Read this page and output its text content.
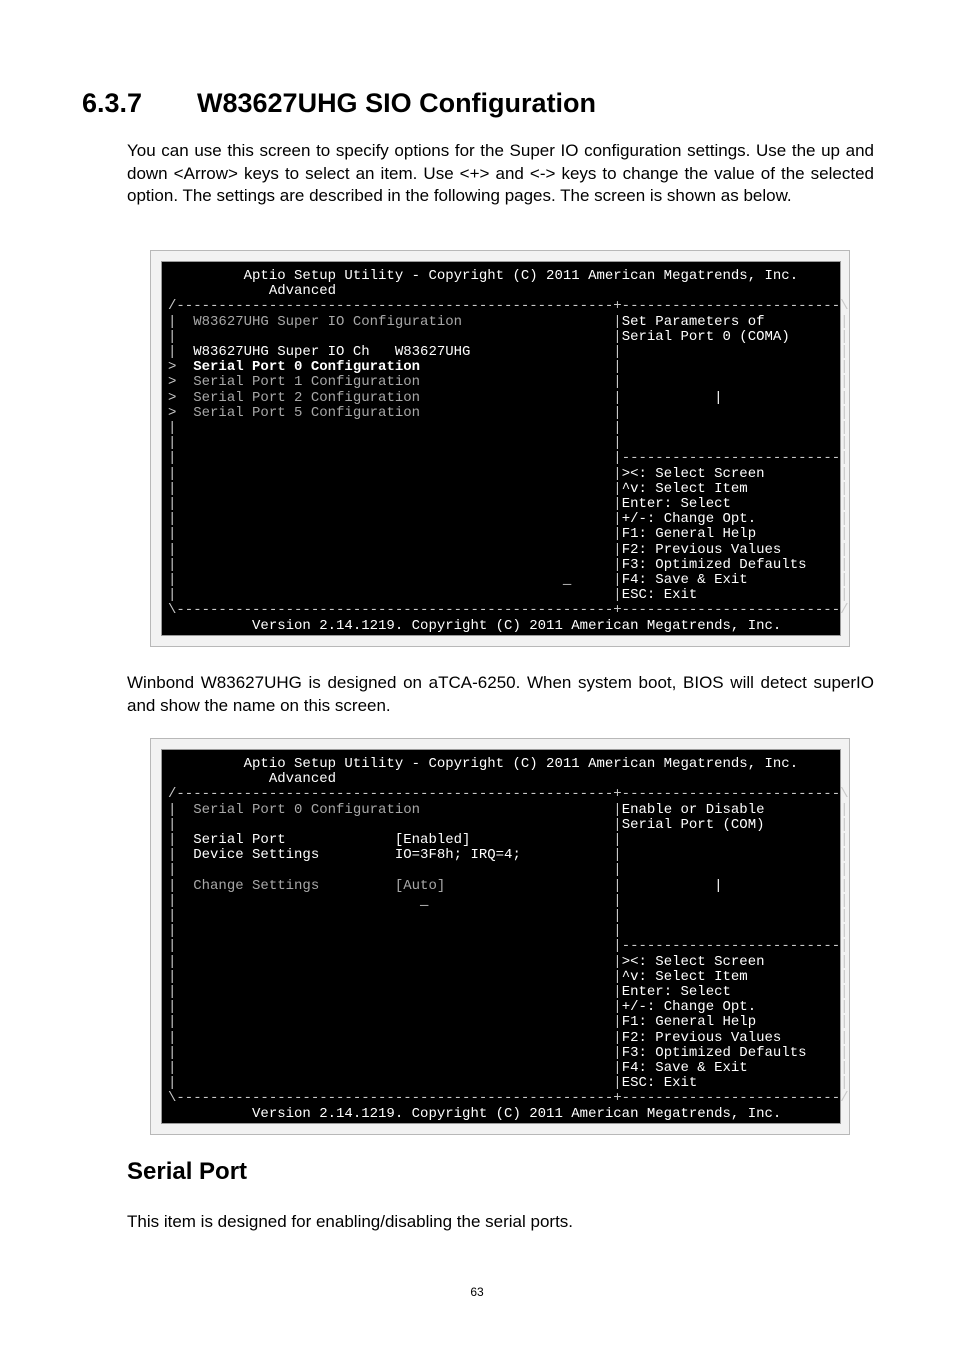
6.3.7 W83627UHG SIO Configuration
You can use this screen to specify options for the Super IO configuration settings. Use the up and down <Arrow> keys to select an item. Use <+> and <-> keys to change the value of the selected option. The settings are described in the following pages. The screen is shown as below.
Aptio Setup Utility - Copyright (C) 2011 American Megatrends, Inc.
Advanced
/----------------------------------------------------+--------------------------\
|  W83627UHG Super IO Configuration                  |Set Parameters of         |
|	|Serial Port 0 (COMA)      |
|  W83627UHG Super IO Ch   W83627UHG                 |	|
>  Serial Port 0 Configuration                       |	|
>  Serial Port 1 Configuration                       |	|
>  Serial Port 2 Configuration                       |           |              |
>  Serial Port 5 Configuration                       |	|
|	|	|
|	|	|
|	|--------------------------|
|	|><: Select Screen         |
|	|^v: Select Item           |
|	|Enter: Select             |
|	|+/-: Change Opt.          |
|	|F1: General Help          |
|	|F2: Previous Values       |
|	|F3: Optimized Defaults    |
|                                              _     |F4: Save & Exit           |
|	|ESC: Exit                 |
\----------------------------------------------------+--------------------------/
Version 2.14.1219. Copyright (C) 2011 American Megatrends, Inc.
Winbond W83627UHG is designed on aTCA-6250. When system boot, BIOS will detect superIO and show the name on this screen.
Aptio Setup Utility - Copyright (C) 2011 American Megatrends, Inc.
Advanced
/----------------------------------------------------+--------------------------\
|  Serial Port 0 Configuration                       |Enable or Disable         |
|	|Serial Port (COM)         |
|  Serial Port             [Enabled]                 |	|
|  Device Settings         IO=3F8h; IRQ=4;           |	|
|	|	|
|  Change Settings         [Auto]                    |           |              |
|                             _                      |	|
|	|	|
|	|	|
|	|--------------------------|
|	|><: Select Screen         |
|	|^v: Select Item           |
|	|Enter: Select             |
|	|+/-: Change Opt.          |
|	|F1: General Help          |
|	|F2: Previous Values       |
|	|F3: Optimized Defaults    |
|	|F4: Save & Exit           |
|	|ESC: Exit                 |
\----------------------------------------------------+--------------------------/
Version 2.14.1219. Copyright (C) 2011 American Megatrends, Inc.
Serial Port
This item is designed for enabling/disabling the serial ports.
63
